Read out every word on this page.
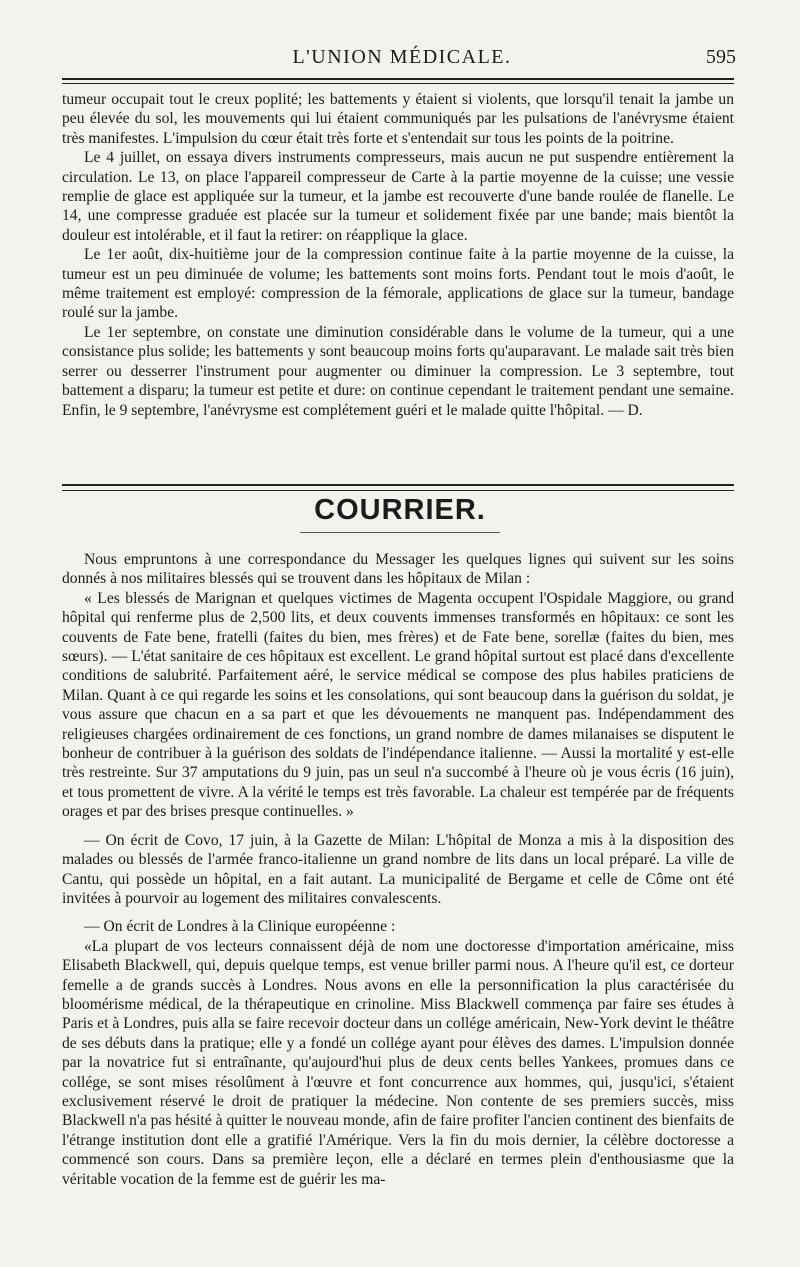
L'UNION MÉDICALE.	595

tumeur occupait tout le creux poplité; les battements y étaient si violents, que lorsqu'il tenait la jambe un peu élevée du sol, les mouvements qui lui étaient communiqués par les pulsations de l'anévrysme étaient très manifestes. L'impulsion du cœur était très forte et s'entendait sur tous les points de la poitrine.

Le 4 juillet, on essaya divers instruments compresseurs, mais aucun ne put suspendre entièrement la circulation. Le 13, on place l'appareil compresseur de Carte à la partie moyenne de la cuisse; une vessie remplie de glace est appliquée sur la tumeur, et la jambe est recouverte d'une bande roulée de flanelle. Le 14, une compresse graduée est placée sur la tumeur et solidement fixée par une bande; mais bientôt la douleur est intolérable, et il faut la retirer: on réapplique la glace.

Le 1er août, dix-huitième jour de la compression continue faite à la partie moyenne de la cuisse, la tumeur est un peu diminuée de volume; les battements sont moins forts. Pendant tout le mois d'août, le même traitement est employé: compression de la fémorale, applications de glace sur la tumeur, bandage roulé sur la jambe.

Le 1er septembre, on constate une diminution considérable dans le volume de la tumeur, qui a une consistance plus solide; les battements y sont beaucoup moins forts qu'auparavant. Le malade sait très bien serrer ou desserrer l'instrument pour augmenter ou diminuer la compression. Le 3 septembre, tout battement a disparu; la tumeur est petite et dure: on continue cependant le traitement pendant une semaine. Enfin, le 9 septembre, l'anévrysme est complétement guéri et le malade quitte l'hôpital. — D.

COURRIER.

Nous empruntons à une correspondance du Messager les quelques lignes qui suivent sur les soins donnés à nos militaires blessés qui se trouvent dans les hôpitaux de Milan :

« Les blessés de Marignan et quelques victimes de Magenta occupent l'Ospidale Maggiore, ou grand hôpital qui renferme plus de 2,500 lits, et deux couvents immenses transformés en hôpitaux: ce sont les couvents de Fate bene, fratelli (faites du bien, mes frères) et de Fate bene, sorellæ (faites du bien, mes sœurs). — L'état sanitaire de ces hôpitaux est excellent. Le grand hôpital surtout est placé dans d'excellente conditions de salubrité. Parfaitement aéré, le service médical se compose des plus habiles praticiens de Milan. Quant à ce qui regarde les soins et les consolations, qui sont beaucoup dans la guérison du soldat, je vous assure que chacun en a sa part et que les dévouements ne manquent pas. Indépendamment des religieuses chargées ordinairement de ces fonctions, un grand nombre de dames milanaises se disputent le bonheur de contribuer à la guérison des soldats de l'indépendance italienne. — Aussi la mortalité y est-elle très restreinte. Sur 37 amputations du 9 juin, pas un seul n'a succombé à l'heure où je vous écris (16 juin), et tous promettent de vivre. A la vérité le temps est très favorable. La chaleur est tempérée par de fréquents orages et par des brises presque continuelles. »

— On écrit de Covo, 17 juin, à la Gazette de Milan: L'hôpital de Monza a mis à la disposition des malades ou blessés de l'armée franco-italienne un grand nombre de lits dans un local préparé. La ville de Cantu, qui possède un hôpital, en a fait autant. La municipalité de Bergame et celle de Côme ont été invitées à pourvoir au logement des militaires convalescents.

— On écrit de Londres à la Clinique européenne :

«La plupart de vos lecteurs connaissent déjà de nom une doctoresse d'importation américaine, miss Elisabeth Blackwell, qui, depuis quelque temps, est venue briller parmi nous. A l'heure qu'il est, ce dorteur femelle a de grands succès à Londres. Nous avons en elle la personnification la plus caractérisée du bloomérisme médical, de la thérapeutique en crinoline. Miss Blackwell commença par faire ses études à Paris et à Londres, puis alla se faire recevoir docteur dans un collége américain, New-York devint le théâtre de ses débuts dans la pratique; elle y a fondé un collége ayant pour élèves des dames. L'impulsion donnée par la novatrice fut si entraînante, qu'aujourd'hui plus de deux cents belles Yankees, promues dans ce collége, se sont mises résolûment à l'œuvre et font concurrence aux hommes, qui, jusqu'ici, s'étaient exclusivement réservé le droit de pratiquer la médecine. Non contente de ses premiers succès, miss Blackwell n'a pas hésité à quitter le nouveau monde, afin de faire profiter l'ancien continent des bienfaits de l'étrange institution dont elle a gratifié l'Amérique. Vers la fin du mois dernier, la célèbre doctoresse a commencé son cours. Dans sa première leçon, elle a déclaré en termes plein d'enthousiasme que la véritable vocation de la femme est de guérir les ma-
